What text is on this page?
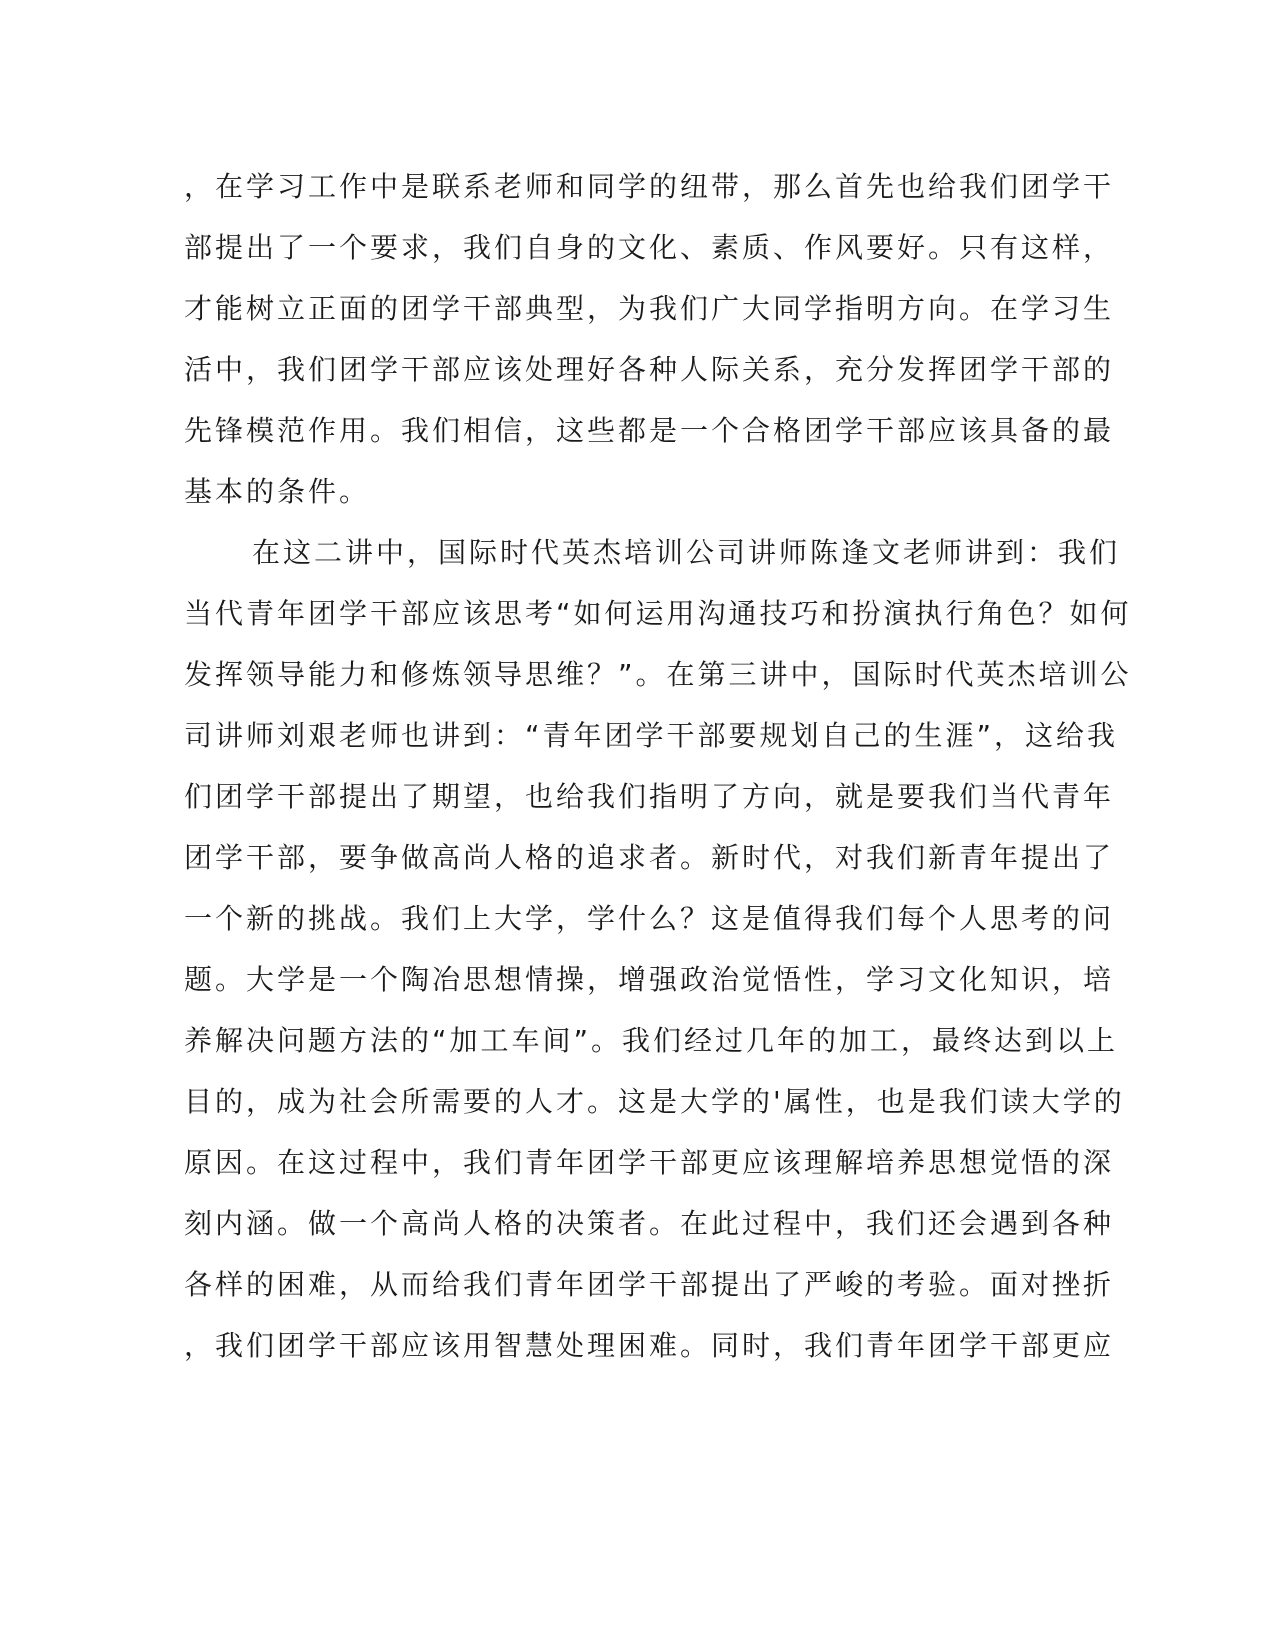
，在学习工作中是联系老师和同学的纽带，那么首先也给我们团学干
部提出了一个要求，我们自身的文化、素质、作风要好。只有这样，
才能树立正面的团学干部典型，为我们广大同学指明方向。在学习生
活中，我们团学干部应该处理好各种人际关系，充分发挥团学干部的
先锋模范作用。我们相信，这些都是一个合格团学干部应该具备的最
基本的条件。
在这二讲中，国际时代英杰培训公司讲师陈逢文老师讲到：我们
当代青年团学干部应该思考“如何运用沟通技巧和扮演执行角色？如何
发挥领导能力和修炼领导思维？”。在第三讲中，国际时代英杰培训公
司讲师刘艰老师也讲到：“青年团学干部要规划自己的生涯”，这给我
们团学干部提出了期望，也给我们指明了方向，就是要我们当代青年
团学干部，要争做高尚人格的追求者。新时代，对我们新青年提出了
一个新的挑战。我们上大学，学什么？这是值得我们每个人思考的问
题。大学是一个陶冶思想情操，增强政治觉悟性，学习文化知识，培
养解决问题方法的“加工车间”。我们经过几年的加工，最终达到以上
目的，成为社会所需要的人才。这是大学的'属性，也是我们读大学的
原因。在这过程中，我们青年团学干部更应该理解培养思想觉悟的深
刻内涵。做一个高尚人格的决策者。在此过程中，我们还会遇到各种
各样的困难，从而给我们青年团学干部提出了严峻的考验。面对挫折
，我们团学干部应该用智慧处理困难。同时，我们青年团学干部更应
